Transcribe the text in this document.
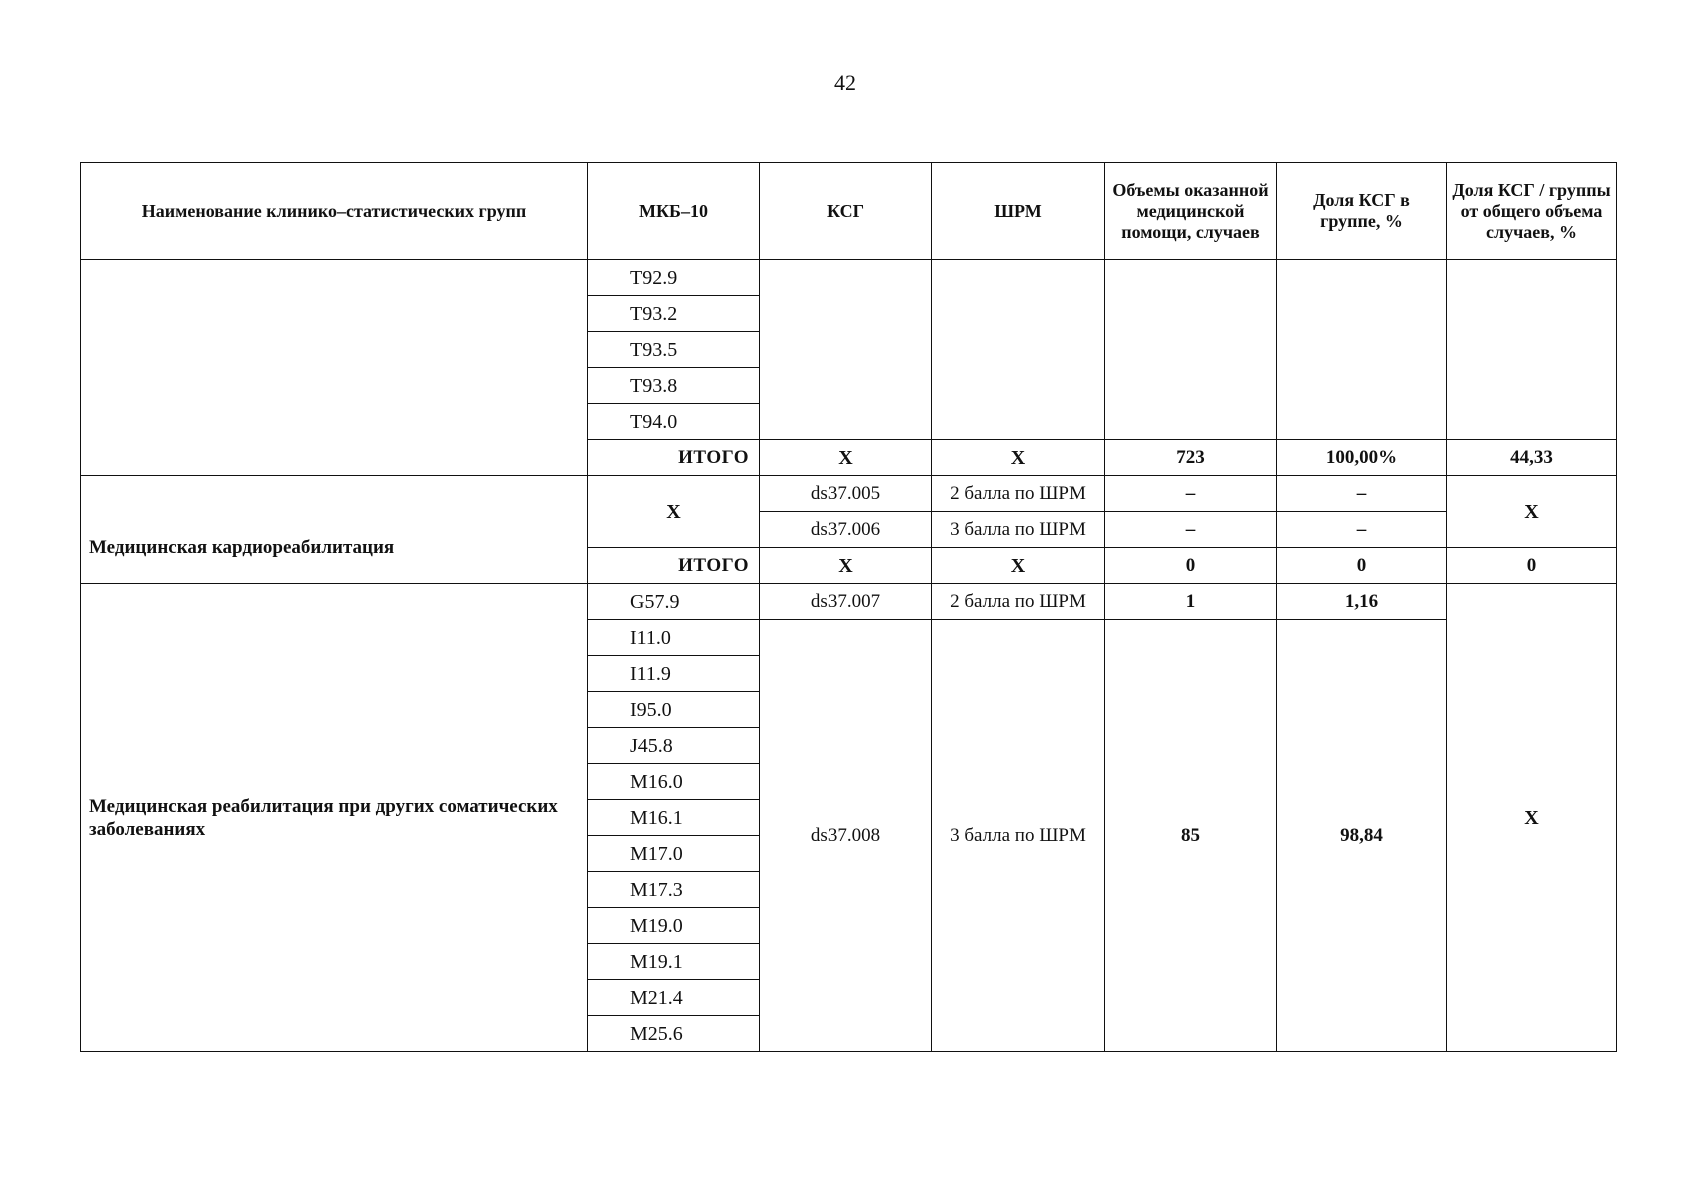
42
Наименование клинико–статистических групп	МКБ–10	КСГ	ШРМ	Объемы оказанной медицинской помощи, случаев	Доля КСГ в группе, %	Доля КСГ / группы от общего объема случаев, %
	T92.9					
	T93.2					
	T93.5					
	T93.8					
	T94.0					
	ИТОГО	Х	Х	723	100,00%	44,33
Медицинская кардиореабилитация	Х	ds37.005	2 балла по ШРМ	–	–	Х
		ds37.006	3 балла по ШРМ	–	–	
	ИТОГО	Х	Х	0	0	0
Медицинская реабилитация при других соматических заболеваниях	G57.9	ds37.007	2 балла по ШРМ	1	1,16	Х
	I11.0	ds37.008	3 балла по ШРМ	85	98,84	
	I11.9					
	I95.0					
	J45.8					
	M16.0					
	M16.1					
	M17.0					
	M17.3					
	M19.0					
	M19.1					
	M21.4					
	M25.6					
